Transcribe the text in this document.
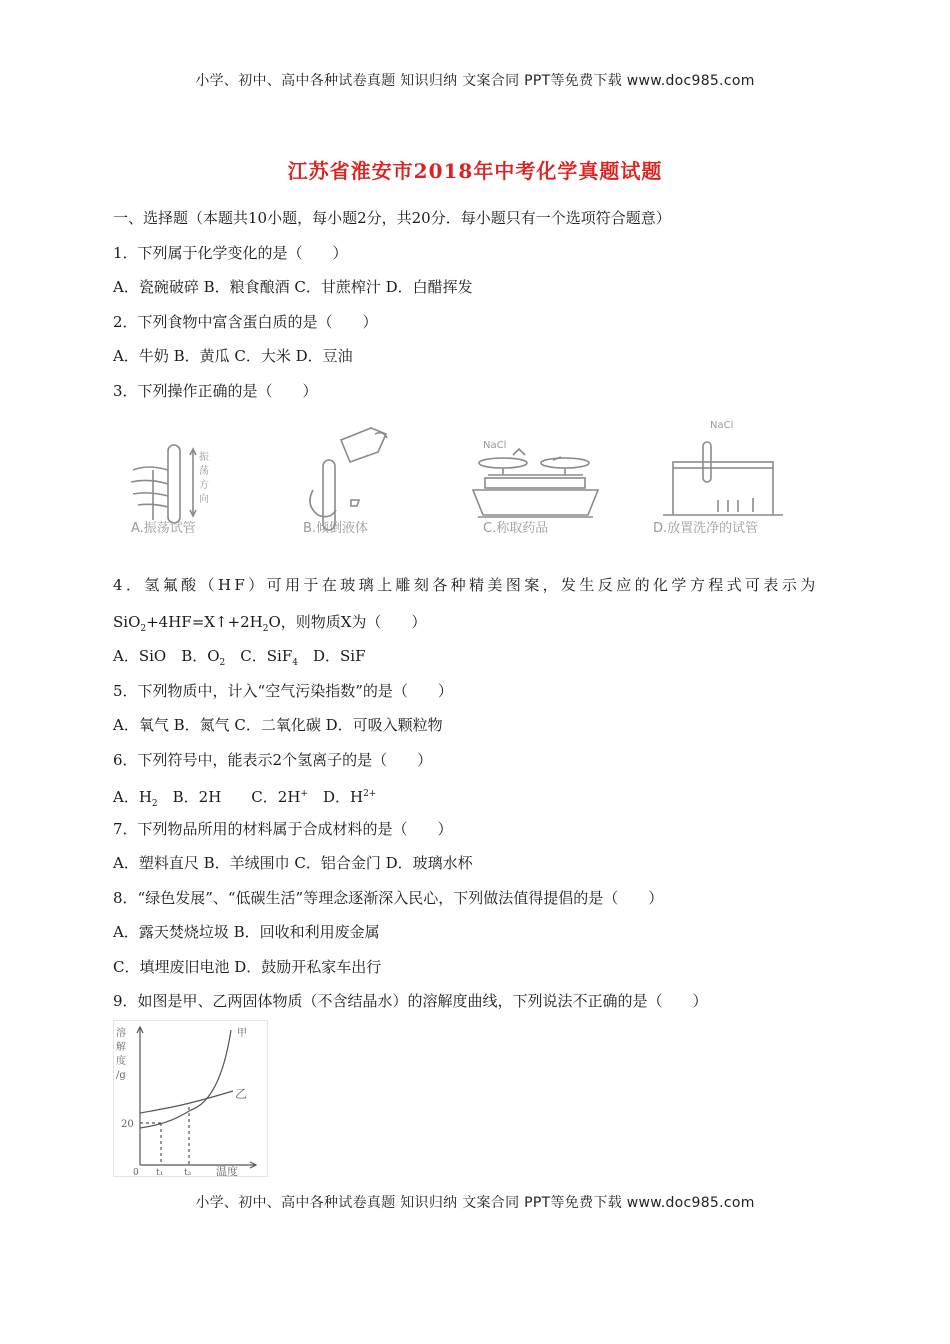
小学、初中、高中各种试卷真题 知识归纳 文案合同 PPT等免费下载 www.doc985.com
江苏省淮安市2018年中考化学真题试题
一、选择题（本题共10小题，每小题2分，共20分．每小题只有一个选项符合题意）
1．下列属于化学变化的是（　　）
A．瓷碗破碎 B．粮食酿酒 C．甘蔗榨汁 D．白醋挥发
2．下列食物中富含蛋白质的是（　　）
A．牛奶 B．黄瓜 C．大米 D．豆油
3．下列操作正确的是（　　）
NaCl
NaCl
振
荡
方
向
A.振荡试管	B.倾倒液体	C.称取药品	D.放置洗净的试管
4．氢氟酸（HF）可用于在玻璃上雕刻各种精美图案，发生反应的化学方程式可表示为
$SiO_2+4HF=X↑+2H_2O$，则物质X为（　　）
A．SiO　B．$O_2$　C．SiF$_4$　D．SiF
5．下列物质中，计入“空气污染指数”的是（　　）
A．氧气 B．氮气 C．二氧化碳 D．可吸入颗粒物
6．下列符号中，能表示2个氢离子的是（　　）
A．$H_2$　B．2H　　C．2H+　D．$H^{2+}$
7．下列物品所用的材料属于合成材料的是（　　）
A．塑料直尺 B．羊绒围巾 C．铝合金门 D．玻璃水杯
8．“绿色发展”、“低碳生活”等理念逐渐深入民心，下列做法值得提倡的是（　　）
A．露天焚烧垃圾 B．回收和利用废金属
C．填埋废旧电池 D．鼓励开私家车出行
9．如图是甲、乙两固体物质（不含结晶水）的溶解度曲线，下列说法不正确的是（　　）
溶
解
度
/g
20
0 t₁ t₂ 温度
甲
乙
小学、初中、高中各种试卷真题 知识归纳 文案合同 PPT等免费下载 www.doc985.com
